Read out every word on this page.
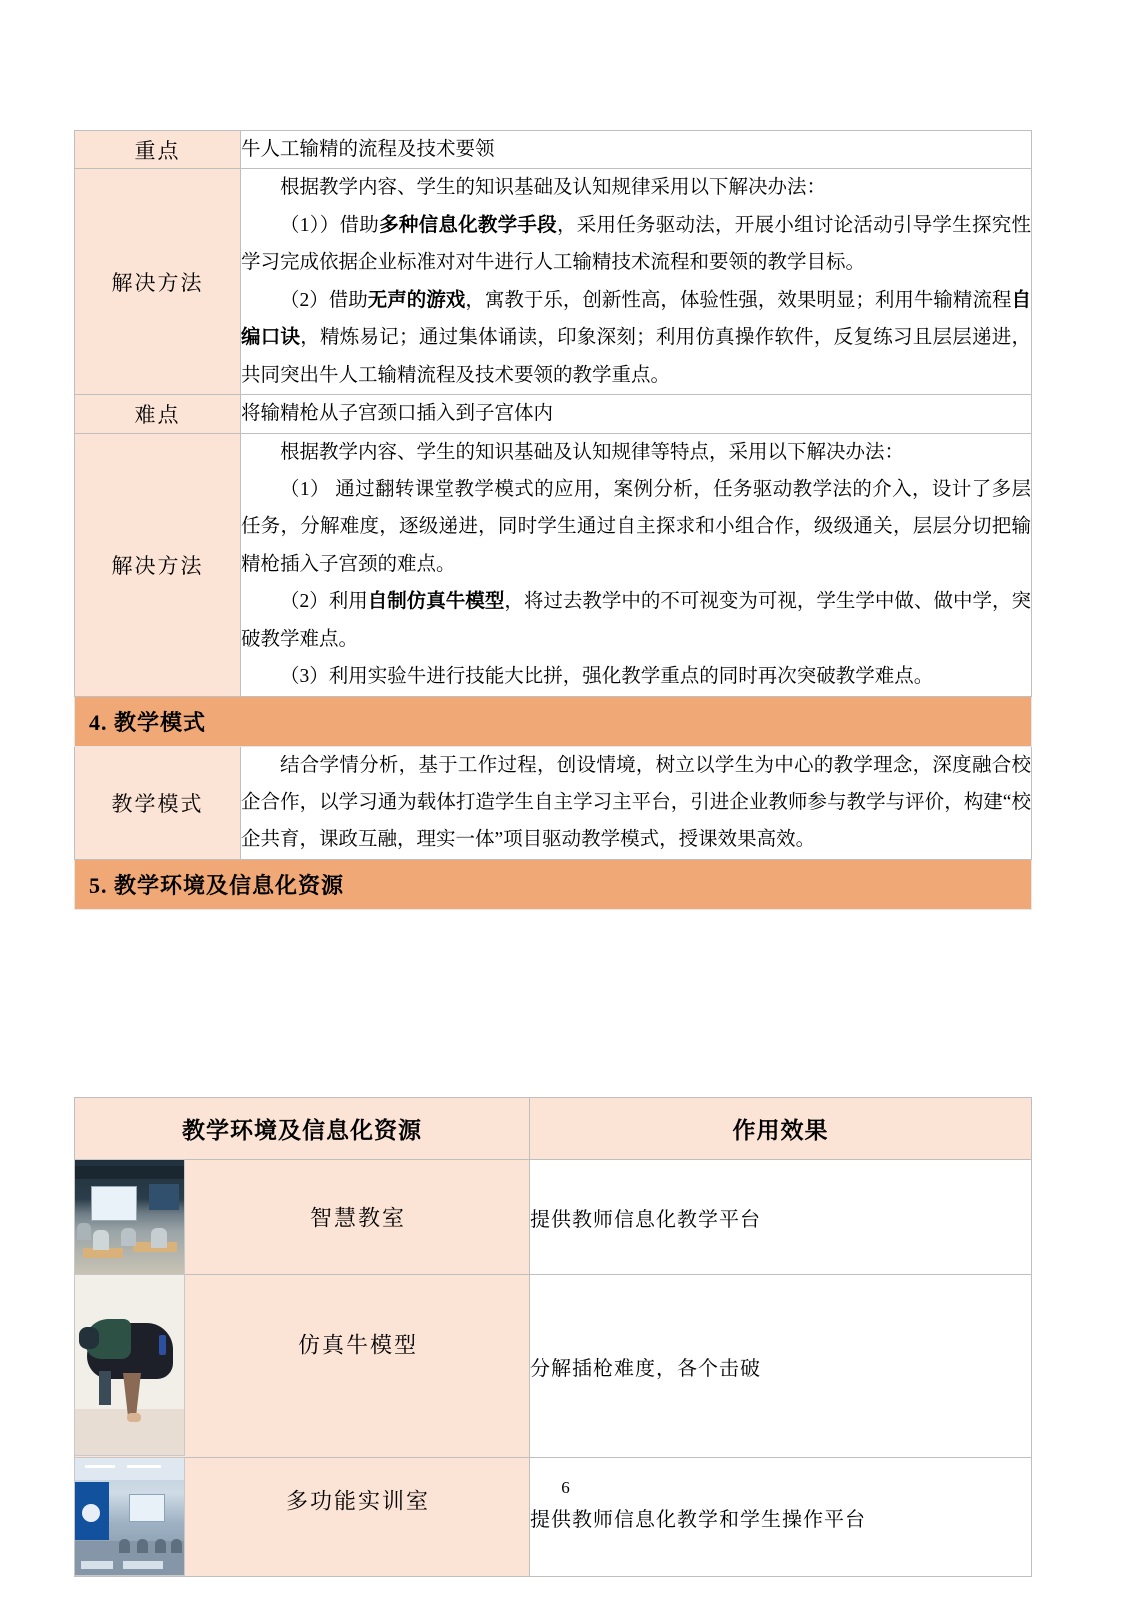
重点	牛人工输精的流程及技术要领

解决方法	根据教学内容、学生的知识基础及认知规律采用以下解决办法：

（1））借助多种信息化教学手段，采用任务驱动法，开展小组讨论活动引导学生探究性学习完成依据企业标准对对牛进行人工输精技术流程和要领的教学目标。

（2）借助无声的游戏，寓教于乐，创新性高，体验性强，效果明显；利用牛输精流程自编口诀，精炼易记；通过集体诵读，印象深刻；利用仿真操作软件，反复练习且层层递进，共同突出牛人工输精流程及技术要领的教学重点。

难点	将输精枪从子宫颈口插入到子宫体内

解决方法	根据教学内容、学生的知识基础及认知规律等特点，采用以下解决办法：

（1） 通过翻转课堂教学模式的应用，案例分析，任务驱动教学法的介入，设计了多层任务，分解难度，逐级递进，同时学生通过自主探求和小组合作，级级通关，层层分切把输精枪插入子宫颈的难点。

（2）利用自制仿真牛模型，将过去教学中的不可视变为可视，学生学中做、做中学，突破教学难点。

（3）利用实验牛进行技能大比拼，强化教学重点的同时再次突破教学难点。

4. 教学模式	
教学模式	结合学情分析，基于工作过程，创设情境，树立以学生为中心的教学理念，深度融合校企合作，以学习通为载体打造学生自主学习主平台，引进企业教师参与教学与评价，构建“校企共育，课政互融，理实一体”项目驱动教学模式，授课效果高效。

5. 教学环境及信息化资源	
教学环境及信息化资源	作用效果

智慧教室	提供教师信息化教学平台

仿真牛模型	分解插枪难度，各个击破

多功能实训室	提供教师信息化教学和学生操作平台
6
